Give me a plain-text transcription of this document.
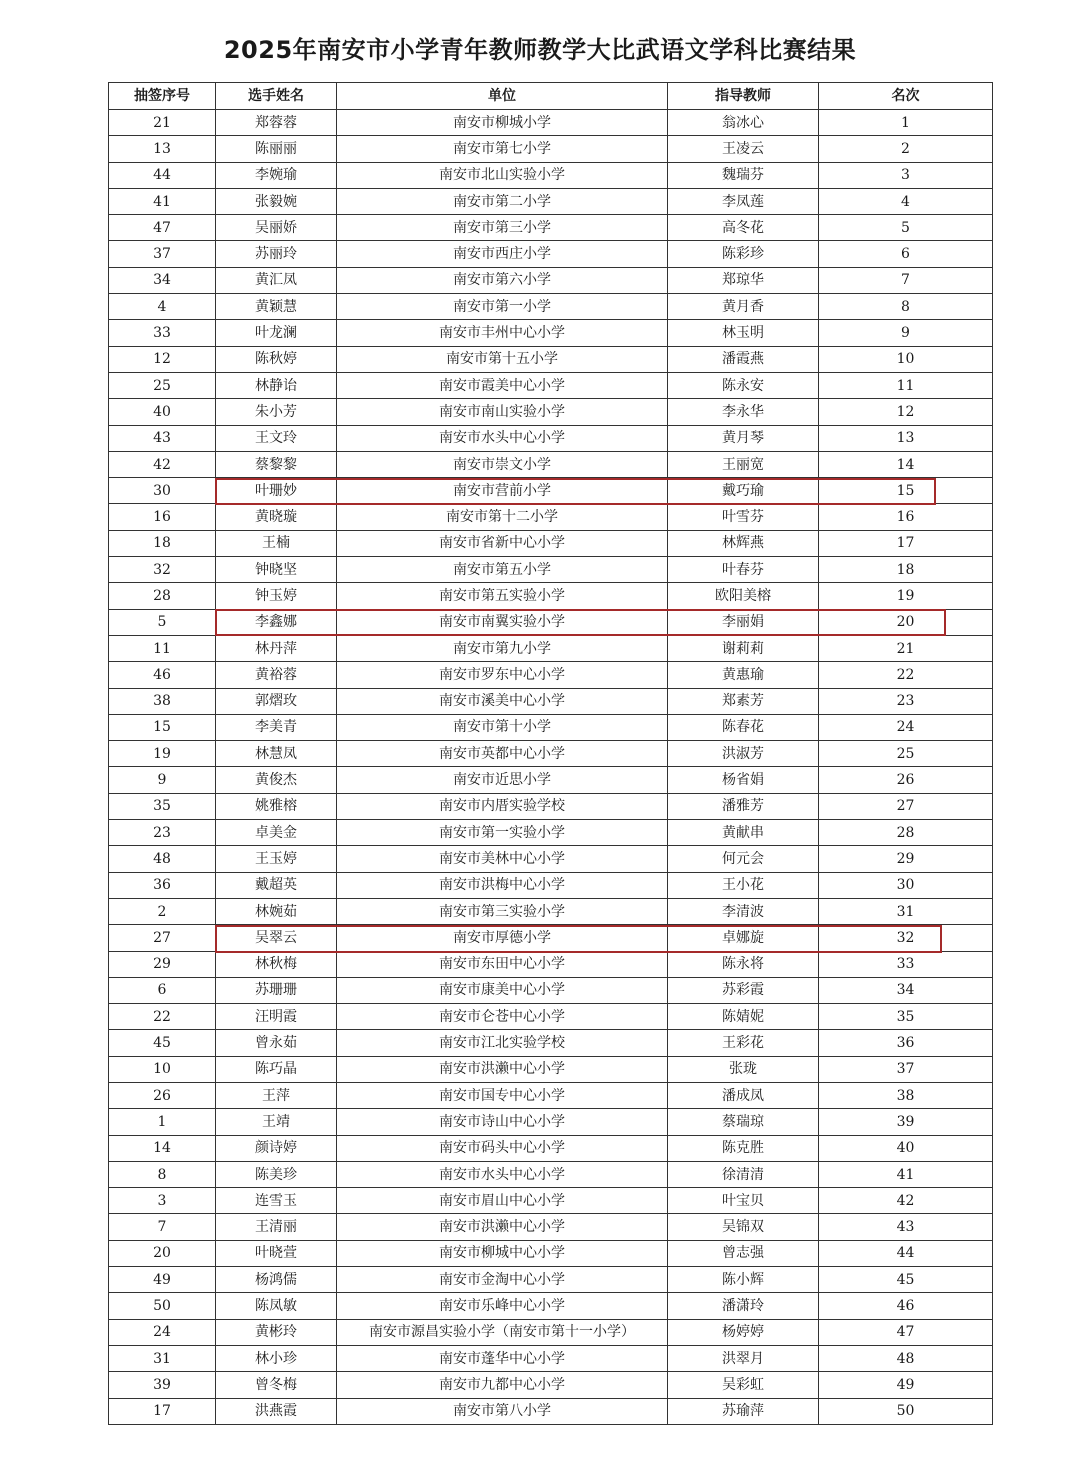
2025年南安市小学青年教师教学大比武语文学科比赛结果
抽签序号	选手姓名	单位	指导教师	名次
21	郑蓉蓉	南安市柳城小学	翁冰心	1
13	陈丽丽	南安市第七小学	王凌云	2
44	李婉瑜	南安市北山实验小学	魏瑞芬	3
41	张毅婉	南安市第二小学	李凤莲	4
47	吴丽娇	南安市第三小学	高冬花	5
37	苏丽玲	南安市西庄小学	陈彩珍	6
34	黄汇凤	南安市第六小学	郑琼华	7
4	黄颖慧	南安市第一小学	黄月香	8
33	叶龙澜	南安市丰州中心小学	林玉明	9
12	陈秋婷	南安市第十五小学	潘霞燕	10
25	林静诒	南安市霞美中心小学	陈永安	11
40	朱小芳	南安市南山实验小学	李永华	12
43	王文玲	南安市水头中心小学	黄月琴	13
42	蔡黎黎	南安市崇文小学	王丽宽	14
30	叶珊妙	南安市营前小学	戴巧瑜	15
16	黄晓璇	南安市第十二小学	叶雪芬	16
18	王楠	南安市省新中心小学	林辉燕	17
32	钟晓坚	南安市第五小学	叶春芬	18
28	钟玉婷	南安市第五实验小学	欧阳美榕	19
5	李鑫娜	南安市南翼实验小学	李丽娟	20
11	林丹萍	南安市第九小学	谢莉莉	21
46	黄裕蓉	南安市罗东中心小学	黄惠瑜	22
38	郭熠玫	南安市溪美中心小学	郑素芳	23
15	李美青	南安市第十小学	陈春花	24
19	林慧凤	南安市英都中心小学	洪淑芳	25
9	黄俊杰	南安市近思小学	杨省娟	26
35	姚雅榕	南安市内厝实验学校	潘雅芳	27
23	卓美金	南安市第一实验小学	黄献串	28
48	王玉婷	南安市美林中心小学	何元会	29
36	戴超英	南安市洪梅中心小学	王小花	30
2	林婉茹	南安市第三实验小学	李清波	31
27	吴翠云	南安市厚德小学	卓娜旋	32
29	林秋梅	南安市东田中心小学	陈永将	33
6	苏珊珊	南安市康美中心小学	苏彩霞	34
22	汪明霞	南安市仑苍中心小学	陈婧妮	35
45	曾永茹	南安市江北实验学校	王彩花	36
10	陈巧晶	南安市洪濑中心小学	张珑	37
26	王萍	南安市国专中心小学	潘成凤	38
1	王靖	南安市诗山中心小学	蔡瑞琼	39
14	颜诗婷	南安市码头中心小学	陈克胜	40
8	陈美珍	南安市水头中心小学	徐清清	41
3	连雪玉	南安市眉山中心小学	叶宝贝	42
7	王清丽	南安市洪濑中心小学	吴锦双	43
20	叶晓萱	南安市柳城中心小学	曾志强	44
49	杨鸿儒	南安市金淘中心小学	陈小辉	45
50	陈凤敏	南安市乐峰中心小学	潘潇玲	46
24	黄彬玲	南安市源昌实验小学（南安市第十一小学）	杨婷婷	47
31	林小珍	南安市蓬华中心小学	洪翠月	48
39	曾冬梅	南安市九都中心小学	吴彩虹	49
17	洪燕霞	南安市第八小学	苏瑜萍	50
